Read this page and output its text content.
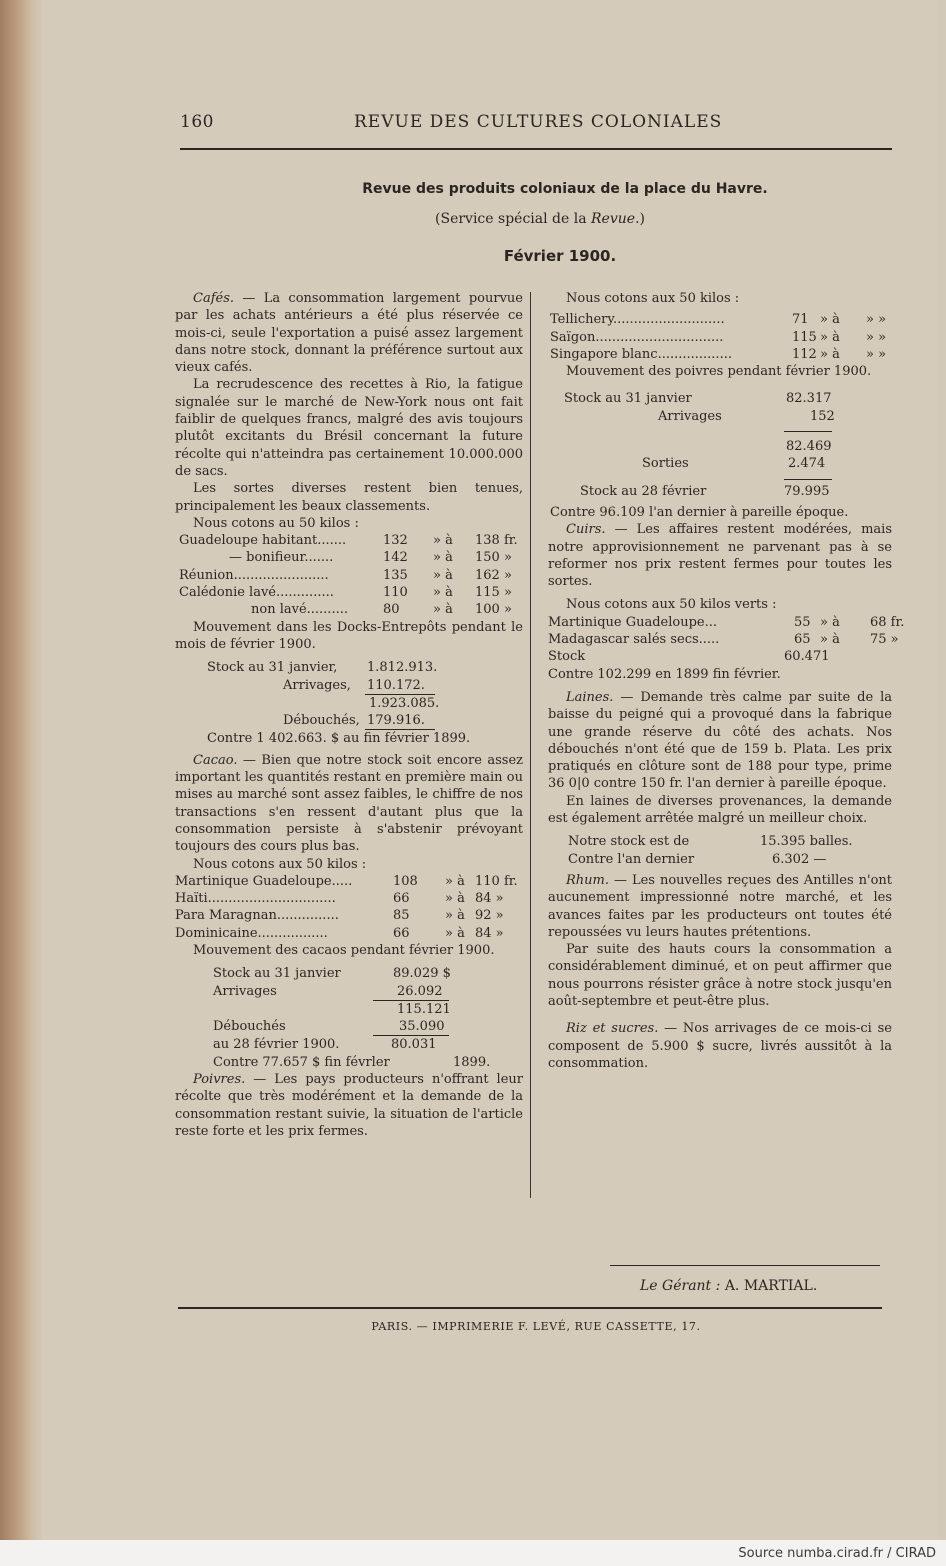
160	REVUE DES CULTURES COLONIALES
Revue des produits coloniaux de la place du Havre.
(Service spécial de la Revue.)
Février 1900.

Cafés. — La consommation largement pourvue par les achats antérieurs a été plus réservée ce mois-ci, seule l'exportation a puisé assez largement dans notre stock, donnant la préférence surtout aux vieux cafés.

La recrudescence des recettes à Rio, la fatigue signalée sur le marché de New-York nous ont fait faiblir de quelques francs, malgré des avis toujours plutôt excitants du Brésil concernant la future récolte qui n'atteindra pas certainement 10.000.000 de sacs.

Les sortes diverses restent bien tenues, principalement les beaux classements.

Nous cotons au 50 kilos :
Guadeloupe habitant.......	132 » à 138 fr.
— bonifieur.......	142 » à 150 »
Réunion.......................	135 » à 162 »
Calédonie lavé..............	110 » à 115 »
non lavé..........	80	» à 100 »

Mouvement dans les Docks-Entrepôts pendant le mois de février 1900.

Stock au 31 janvier, 1.812.913.
Arrivages, 110.172.
1.923.085.
Débouchés, 179.916.
Contre 1 402.663. $ au fin février 1899.

Cacao. — Bien que notre stock soit encore assez important les quantités restant en première main ou mises au marché sont assez faibles, le chiffre de nos transactions s'en ressent d'autant plus que la consommation persiste à s'abstenir prévoyant toujours des cours plus bas.

Nous cotons aux 50 kilos :
Martinique Guadeloupe.....	108 » à 110 fr.
Haïti...............................	66	» à 84 »
Para Maragnan...............	85	» à 92 »
Dominicaine.................	66	» à 84 »

Mouvement des cacaos pendant février 1900.

Stock au 31 janvier	89.029 $
Arrivages	26.092
115.121
Débouchés	35.090
au 28 février 1900.	80.031
Contre 77.657 $ fin févrler	1899.

Poivres. — Les pays producteurs n'offrant leur récolte que très modérément et la demande de la consommation restant suivie, la situation de l'article reste forte et les prix fermes.

Nous cotons aux 50 kilos :
Tellichery...........................	71 » à » »
Saïgon...............................	115 » à » »
Singapore blanc..................	112 » à » »

Mouvement des poivres pendant février 1900.

Stock au 31 janvier	82.317
Arrivages	152
82.469
Sorties	2.474
Stock au 28 février	79.995
Contre 96.109 l'an dernier à pareille époque.

Cuirs. — Les affaires restent modérées, mais notre approvisionnement ne parvenant pas à se reformer nos prix restent fermes pour toutes les sortes.

Nous cotons aux 50 kilos verts :
Martinique Guadeloupe...	55 » à 68 fr.
Madagascar salés secs.....	65 » à 75 »
Stock	60.471
Contre 102.299 en 1899 fin février.

Laines. — Demande très calme par suite de la baisse du peigné qui a provoqué dans la fabrique une grande réserve du côté des achats. Nos débouchés n'ont été que de 159 b. Plata. Les prix pratiqués en clôture sont de 188 pour type, prime 36 0|0 contre 150 fr. l'an dernier à pareille époque.

En laines de diverses provenances, la demande est également arrêtée malgré un meilleur choix.

Notre stock est de	15.395 balles.
Contre l'an dernier	6.302 —

Rhum. — Les nouvelles reçues des Antilles n'ont aucunement impressionné notre marché, et les avances faites par les producteurs ont toutes été repoussées vu leurs hautes prétentions.

Par suite des hauts cours la consommation a considérablement diminué, et on peut affirmer que nous pourrons résister grâce à notre stock jusqu'en août-septembre et peut-être plus.

Riz et sucres. — Nos arrivages de ce mois-ci se composent de 5.900 $ sucre, livrés aussitôt à la consommation.

Le Gérant : A. MARTIAL.
PARIS. — IMPRIMERIE F. LEVÉ, RUE CASSETTE, 17.
Source numba.cirad.fr / CIRAD
